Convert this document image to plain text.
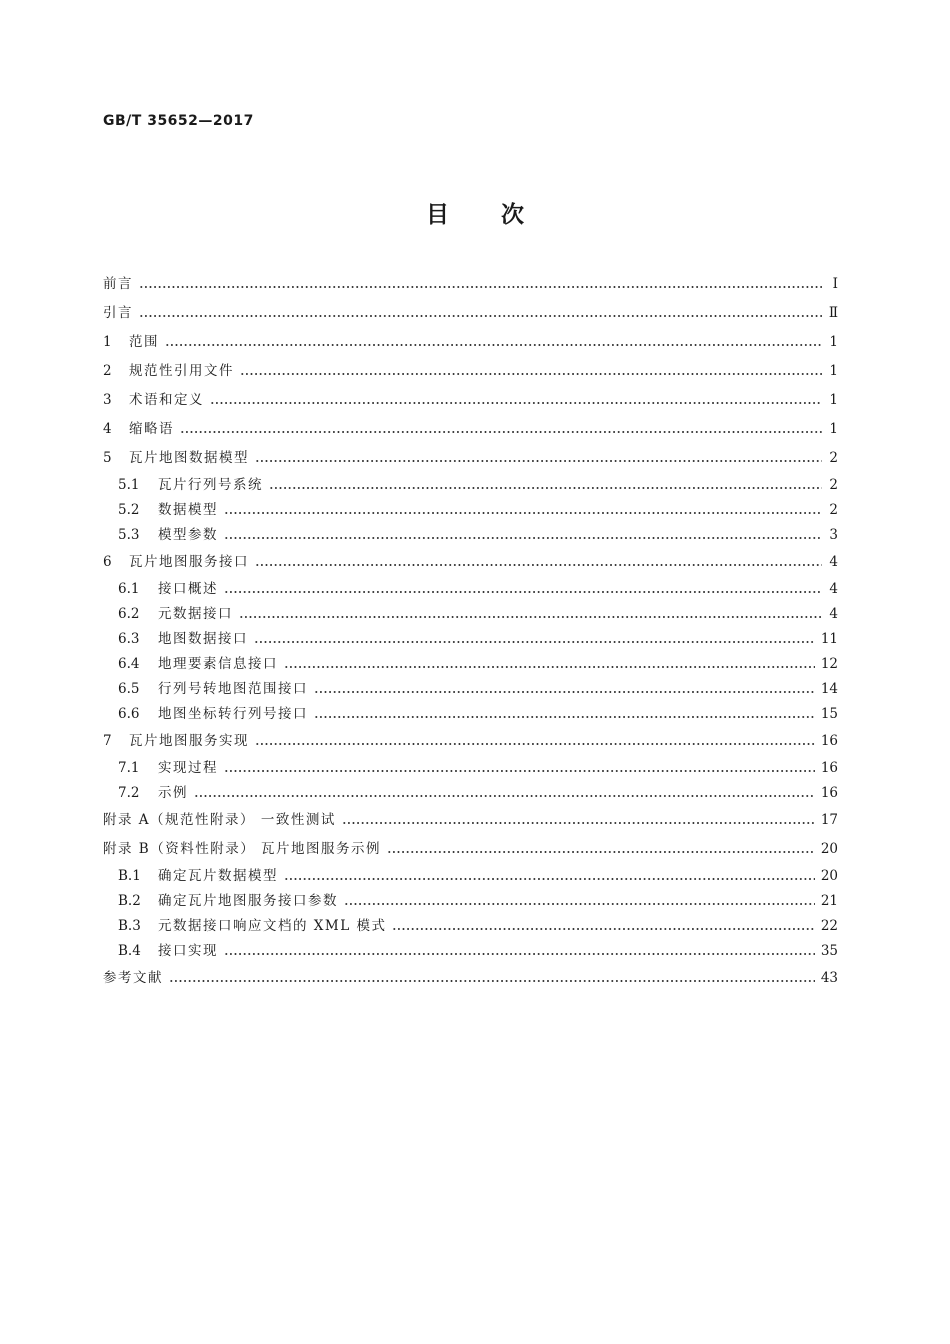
GB/T 35652—2017
目 次
前言	Ⅰ
引言	Ⅱ
1	范围	1
2	规范性引用文件	1
3	术语和定义	1
4	缩略语	1
5	瓦片地图数据模型	2
5.1	瓦片行列号系统	2
5.2	数据模型	2
5.3	模型参数	3
6	瓦片地图服务接口	4
6.1	接口概述	4
6.2	元数据接口	4
6.3	地图数据接口	11
6.4	地理要素信息接口	12
6.5	行列号转地图范围接口	14
6.6	地图坐标转行列号接口	15
7	瓦片地图服务实现	16
7.1	实现过程	16
7.2	示例	16
附录 A（规范性附录） 一致性测试	17
附录 B（资料性附录） 瓦片地图服务示例	20
B.1	确定瓦片数据模型	20
B.2	确定瓦片地图服务接口参数	21
B.3	元数据接口响应文档的 XML 模式	22
B.4	接口实现	35
参考文献	43
